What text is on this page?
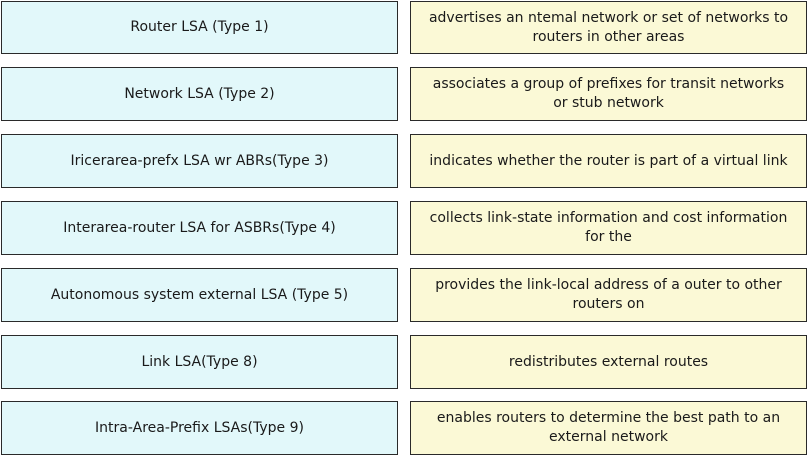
Router LSA (Type 1)
Network LSA (Type 2)
Iricerarea-prefx LSA wr ABRs(Type 3)
Interarea-router LSA for ASBRs(Type 4)
Autonomous system external LSA (Type 5)
Link LSA(Type 8)
Intra-Area-Prefix LSAs(Type 9)
advertises an ntemal network or set of networks to routers in other areas
associates a group of prefixes for transit networks or stub network
indicates whether the router is part of a virtual link
collects link-state information and cost information for the
provides the link-local address of a outer to other routers on
redistributes external routes
enables routers to determine the best path to an external network
